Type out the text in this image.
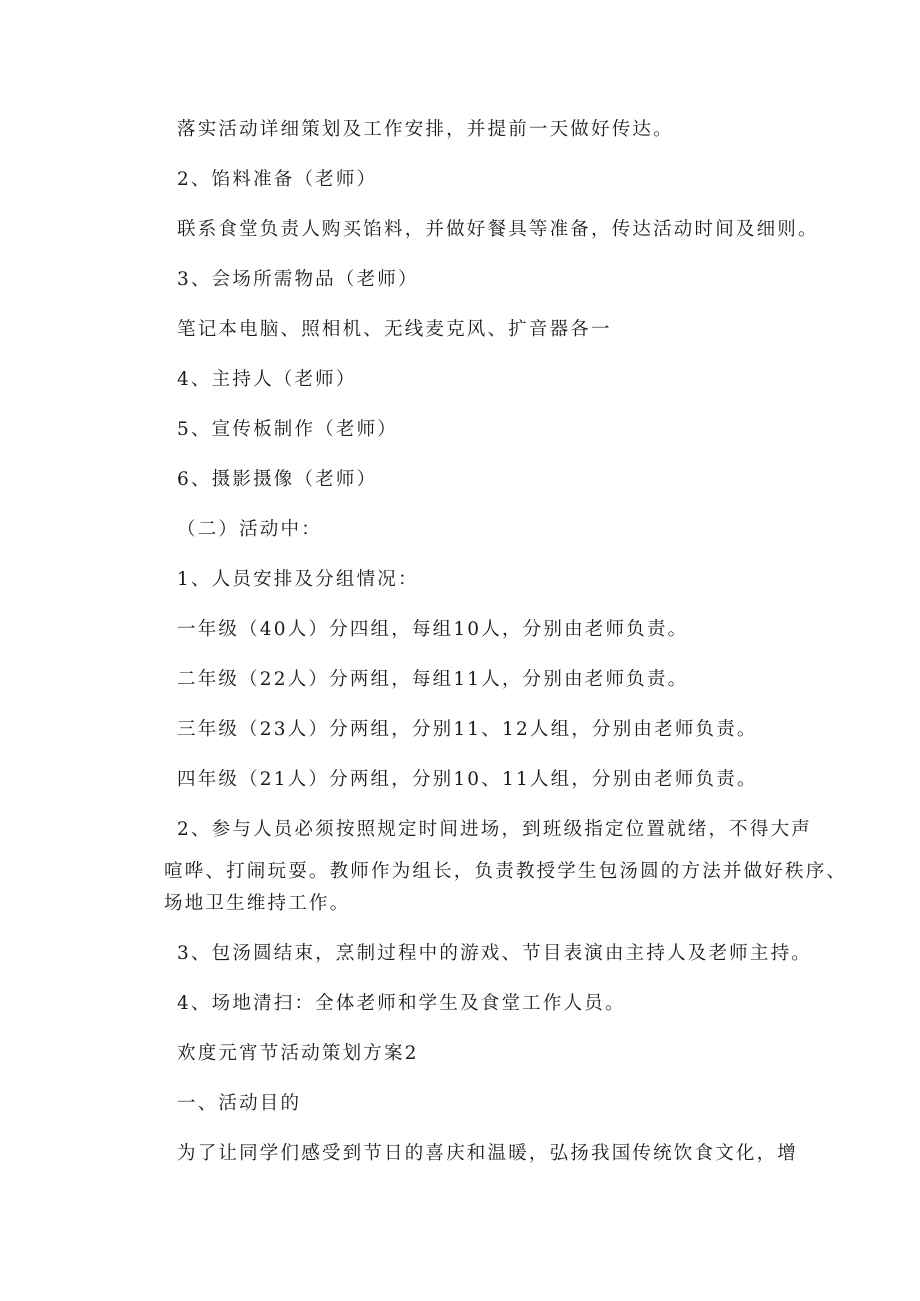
落实活动详细策划及工作安排，并提前一天做好传达。
2、馅料准备（老师）
联系食堂负责人购买馅料，并做好餐具等准备，传达活动时间及细则。
3、会场所需物品（老师）
笔记本电脑、照相机、无线麦克风、扩音器各一
4、主持人（老师）
5、宣传板制作（老师）
6、摄影摄像（老师）
（二）活动中：
1、人员安排及分组情况：
一年级（40人）分四组，每组10人，分别由老师负责。
二年级（22人）分两组，每组11人，分别由老师负责。
三年级（23人）分两组，分别11、12人组，分别由老师负责。
四年级（21人）分两组，分别10、11人组，分别由老师负责。
2、参与人员必须按照规定时间进场，到班级指定位置就绪，不得大声
喧哗、打闹玩耍。教师作为组长，负责教授学生包汤圆的方法并做好秩序、
场地卫生维持工作。
3、包汤圆结束，烹制过程中的游戏、节目表演由主持人及老师主持。
4、场地清扫：全体老师和学生及食堂工作人员。
欢度元宵节活动策划方案2
一、活动目的
为了让同学们感受到节日的喜庆和温暖，弘扬我国传统饮食文化，增
